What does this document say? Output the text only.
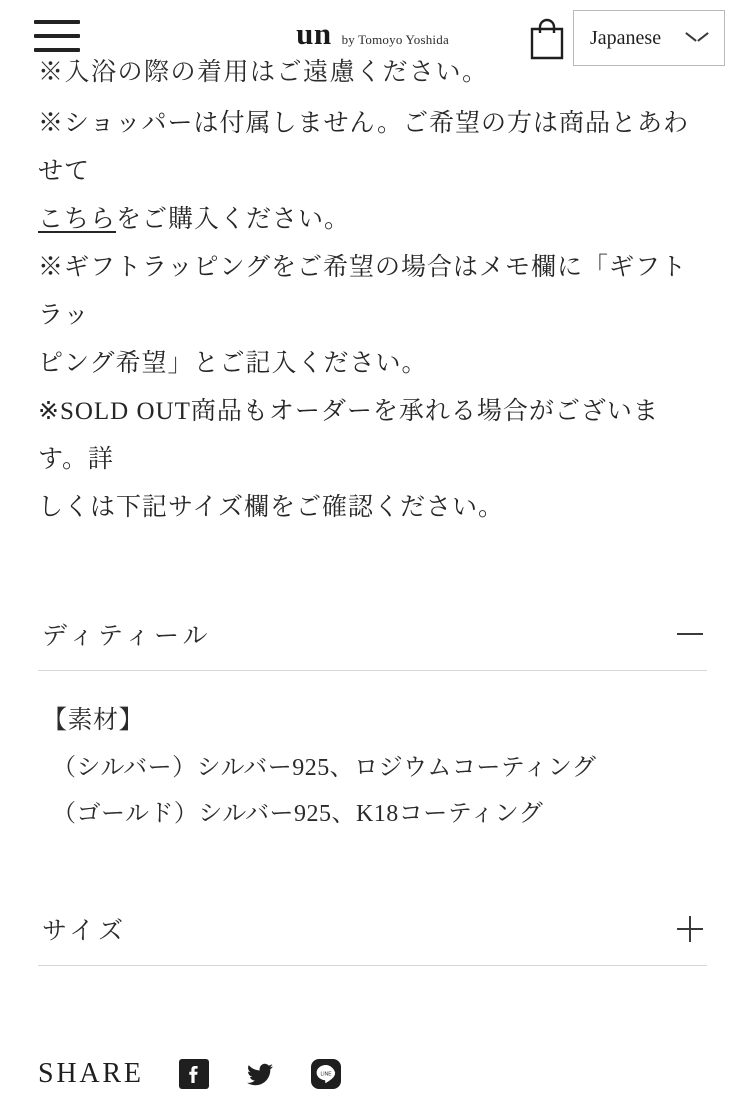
un by Tomoyo Yoshida	Japanese
※入浴の際の着用はご遠慮ください。

※ショッパーは付属しません。ご希望の方は商品とあわせて
こちらをご購入ください。

※ギフトラッピングをご希望の場合はメモ欄に「ギフトラッ
ピング希望」とご記入ください。

※SOLD OUT商品もオーダーを承れる場合がございます。詳
しくは下記サイズ欄をご確認ください。

ディティール

【素材】

（シルバー）シルバー925、ロジウムコーティング

（ゴールド）シルバー925、K18コーティング

サイズ
SHARE	LINE
